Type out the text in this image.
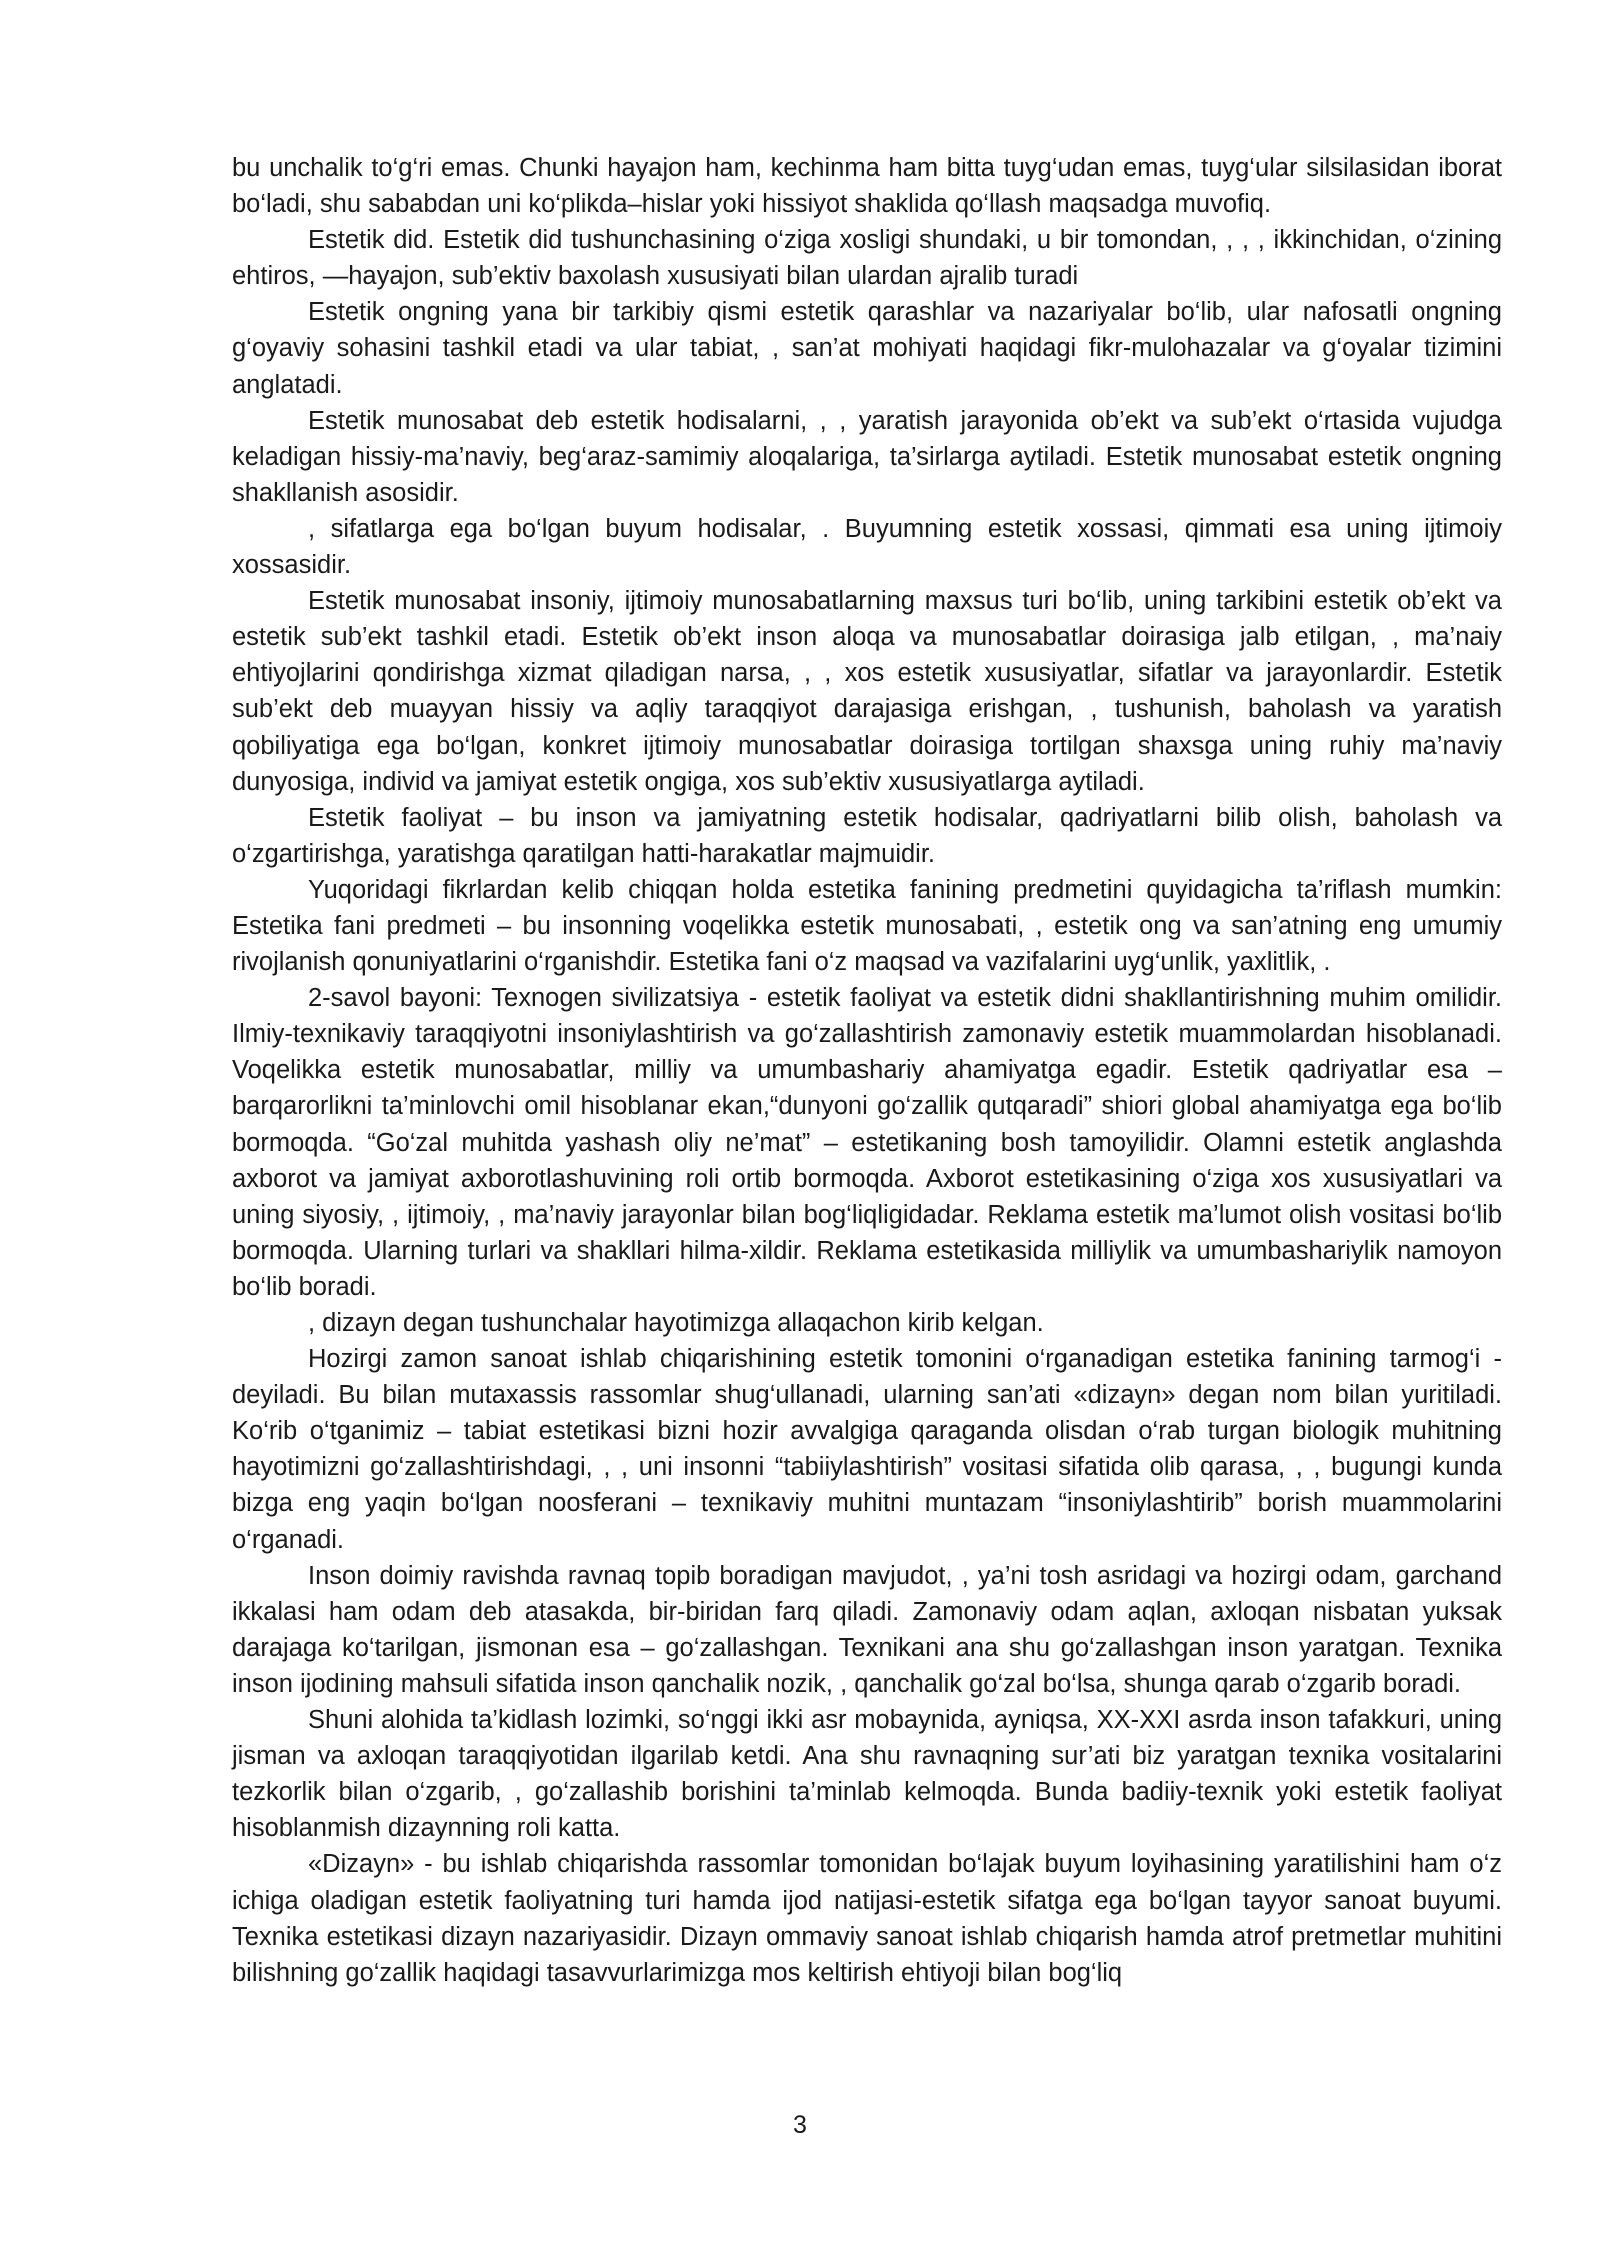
bu unchalik to‘g‘ri emas. Chunki hayajon ham, kechinma ham bitta tuyg‘udan emas, tuyg‘ular silsilasidan iborat bo‘ladi, shu sababdan uni ko‘plikda–hislar yoki hissiyot shaklida qo‘llash maqsadga muvofiq.

Estetik did. Estetik did tushunchasining o‘ziga xosligi shundaki, u bir tomondan, , , , ikkinchidan, o‘zining ehtiros, —hayajon, sub’ektiv baxolash xususiyati bilan ulardan ajralib turadi

Estetik ongning yana bir tarkibiy qismi estetik qarashlar va nazariyalar bo‘lib, ular nafosatli ongning g‘oyaviy sohasini tashkil etadi va ular tabiat, , san’at mohiyati haqidagi fikr-mulohazalar va g‘oyalar tizimini anglatadi.

Estetik munosabat deb estetik hodisalarni, , , yaratish jarayonida ob’ekt va sub’ekt o‘rtasida vujudga keladigan hissiy-ma’naviy, beg‘araz-samimiy aloqalariga, ta’sirlarga aytiladi. Estetik munosabat estetik ongning shakllanish asosidir.

, sifatlarga ega bo‘lgan buyum hodisalar, . Buyumning estetik xossasi, qimmati esa uning ijtimoiy xossasidir.

Estetik munosabat insoniy, ijtimoiy munosabatlarning maxsus turi bo‘lib, uning tarkibini estetik ob’ekt va estetik sub’ekt tashkil etadi. Estetik ob’ekt inson aloqa va munosabatlar doirasiga jalb etilgan, , ma’naiy ehtiyojlarini qondirishga xizmat qiladigan narsa, , , xos estetik xususiyatlar, sifatlar va jarayonlardir. Estetik sub’ekt deb muayyan hissiy va aqliy taraqqiyot darajasiga erishgan, , tushunish, baholash va yaratish qobiliyatiga ega bo‘lgan, konkret ijtimoiy munosabatlar doirasiga tortilgan shaxsga uning ruhiy ma’naviy dunyosiga, individ va jamiyat estetik ongiga, xos sub’ektiv xususiyatlarga aytiladi.

Estetik faoliyat – bu inson va jamiyatning estetik hodisalar, qadriyatlarni bilib olish, baholash va o‘zgartirishga, yaratishga qaratilgan hatti-harakatlar majmuidir.

Yuqoridagi fikrlardan kelib chiqqan holda estetika fanining predmetini quyidagicha ta’riflash mumkin: Estetika fani predmeti – bu insonning voqelikka estetik munosabati, , estetik ong va san’atning eng umumiy rivojlanish qonuniyatlarini o‘rganishdir. Estetika fani o‘z maqsad va vazifalarini uyg‘unlik, yaxlitlik, .

2-savol bayoni: Texnogen sivilizatsiya - estetik faoliyat va estetik didni shakllantirishning muhim omilidir. Ilmiy-texnikaviy taraqqiyotni insoniylashtirish va go‘zallashtirish zamonaviy estetik muammolardan hisoblanadi. Voqelikka estetik munosabatlar, milliy va umumbashariy ahamiyatga egadir. Estetik qadriyatlar esa – barqarorlikni ta’minlovchi omil hisoblanar ekan,“dunyoni go‘zallik qutqaradi” shiori global ahamiyatga ega bo‘lib bormoqda. “Go‘zal muhitda yashash oliy ne’mat” – estetikaning bosh tamoyilidir. Olamni estetik anglashda axborot va jamiyat axborotlashuvining roli ortib bormoqda. Axborot estetikasining o‘ziga xos xususiyatlari va uning siyosiy, , ijtimoiy, , ma’naviy jarayonlar bilan bog‘liqligidadar. Reklama estetik ma’lumot olish vositasi bo‘lib bormoqda. Ularning turlari va shakllari hilma-xildir. Reklama estetikasida milliylik va umumbashariylik namoyon bo‘lib boradi.

, dizayn degan tushunchalar hayotimizga allaqachon kirib kelgan.

Hozirgi zamon sanoat ishlab chiqarishining estetik tomonini o‘rganadigan estetika fanining tarmog‘i - deyiladi. Bu bilan mutaxassis rassomlar shug‘ullanadi, ularning san’ati «dizayn» degan nom bilan yuritiladi. Ko‘rib o‘tganimiz – tabiat estetikasi bizni hozir avvalgiga qaraganda olisdan o‘rab turgan biologik muhitning hayotimizni go‘zallashtirishdagi, , , uni insonni “tabiiylashtirish” vositasi sifatida olib qarasa, , , bugungi kunda bizga eng yaqin bo‘lgan noosferani – texnikaviy muhitni muntazam “insoniylashtirib” borish muammolarini o‘rganadi.

Inson doimiy ravishda ravnaq topib boradigan mavjudot, , ya’ni tosh asridagi va hozirgi odam, garchand ikkalasi ham odam deb atasakda, bir-biridan farq qiladi. Zamonaviy odam aqlan, axloqan nisbatan yuksak darajaga ko‘tarilgan, jismonan esa – go‘zallashgan. Texnikani ana shu go‘zallashgan inson yaratgan. Texnika inson ijodining mahsuli sifatida inson qanchalik nozik, , qanchalik go‘zal bo‘lsa, shunga qarab o‘zgarib boradi.

Shuni alohida ta’kidlash lozimki, so‘nggi ikki asr mobaynida, ayniqsa, XX-XXI asrda inson tafakkuri, uning jisman va axloqan taraqqiyotidan ilgarilab ketdi. Ana shu ravnaqning sur’ati biz yaratgan texnika vositalarini tezkorlik bilan o‘zgarib, , go‘zallashib borishini ta’minlab kelmoqda. Bunda badiiy-texnik yoki estetik faoliyat hisoblanmish dizaynning roli katta.

«Dizayn» - bu ishlab chiqarishda rassomlar tomonidan bo‘lajak buyum loyihasining yaratilishini ham o‘z ichiga oladigan estetik faoliyatning turi hamda ijod natijasi-estetik sifatga ega bo‘lgan tayyor sanoat buyumi. Texnika estetikasi dizayn nazariyasidir. Dizayn ommaviy sanoat ishlab chiqarish hamda atrof pretmetlar muhitini bilishning go‘zallik haqidagi tasavvurlarimizga mos keltirish ehtiyoji bilan bog‘liq

3
